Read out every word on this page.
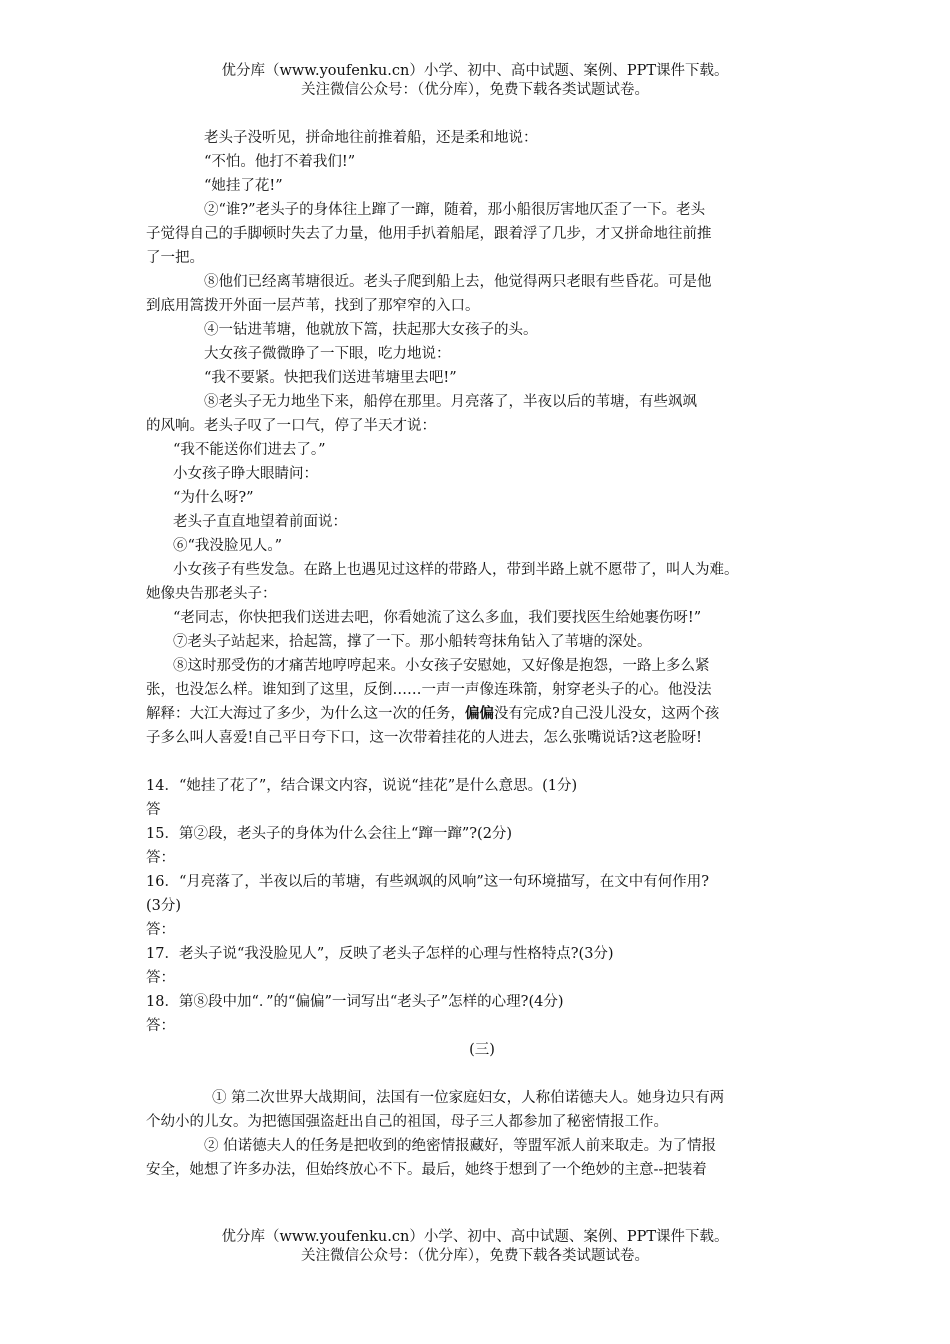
优分库（www.youfenku.cn）小学、初中、高中试题、案例、PPT课件下载。
关注微信公众号：（优分库），免费下载各类试题试卷。
老头子没听见，拼命地往前推着船，还是柔和地说：
“不怕。他打不着我们!”
“她挂了花!”
②“谁?”老头子的身体往上蹿了一蹿，随着，那小船很厉害地仄歪了一下。老头
子觉得自己的手脚顿时失去了力量，他用手扒着船尾，跟着浮了几步，才又拼命地往前推
了一把。
⑧他们已经离苇塘很近。老头子爬到船上去，他觉得两只老眼有些昏花。可是他
到底用篙拨开外面一层芦苇，找到了那窄窄的入口。
④一钻进苇塘，他就放下篙，扶起那大女孩子的头。
大女孩子微微睁了一下眼，吃力地说：
“我不要紧。快把我们送进苇塘里去吧!”
⑧老头子无力地坐下来，船停在那里。月亮落了，半夜以后的苇塘，有些飒飒
的风响。老头子叹了一口气，停了半天才说：
“我不能送你们进去了。”
小女孩子睁大眼睛问：
“为什么呀?”
老头子直直地望着前面说：
⑥“我没脸见人。”
小女孩子有些发急。在路上也遇见过这样的带路人，带到半路上就不愿带了，叫人为难。
她像央告那老头子：
“老同志，你快把我们送进去吧，你看她流了这么多血，我们要找医生给她裹伤呀!”
⑦老头子站起来，拾起篙，撑了一下。那小船转弯抹角钻入了苇塘的深处。
⑧这时那受伤的才痛苦地哼哼起来。小女孩子安慰她，又好像是抱怨，一路上多么紧
张，也没怎么样。谁知到了这里，反倒……一声一声像连珠箭，射穿老头子的心。他没法
解释：大江大海过了多少，为什么这一次的任务，偏偏没有完成?自己没儿没女，这两个孩
子多么叫人喜爱!自己平日夸下口，这一次带着挂花的人进去，怎么张嘴说话?这老脸呀!
14．“她挂了花了”，结合课文内容，说说“挂花”是什么意思。(1分)
答
15．第②段，老头子的身体为什么会往上“蹿一蹿”?(2分)
答：
16．“月亮落了，半夜以后的苇塘，有些飒飒的风响”这一句环境描写，在文中有何作用?
(3分)
答：
17．老头子说“我没脸见人”，反映了老头子怎样的心理与性格特点?(3分)
答：
18．第⑧段中加“．”的“偏偏”一词写出“老头子”怎样的心理?(4分)
答：
(三)
① 第二次世界大战期间，法国有一位家庭妇女，人称伯诺德夫人。她身边只有两
个幼小的儿女。为把德国强盗赶出自己的祖国，母子三人都参加了秘密情报工作。
② 伯诺德夫人的任务是把收到的绝密情报藏好，等盟军派人前来取走。为了情报
安全，她想了许多办法，但始终放心不下。最后，她终于想到了一个绝妙的主意--把装着
优分库（www.youfenku.cn）小学、初中、高中试题、案例、PPT课件下载。
关注微信公众号：（优分库），免费下载各类试题试卷。
